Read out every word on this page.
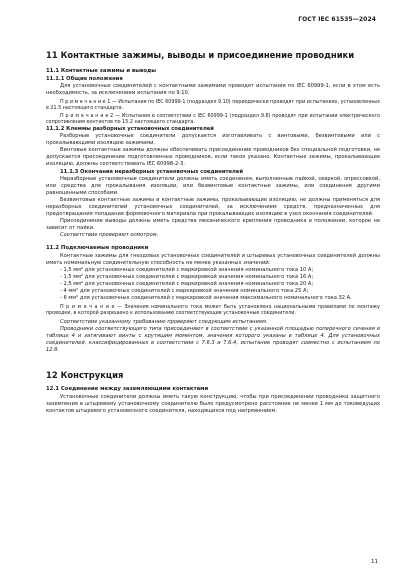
ГОСТ IEC 61535—2024
11 Контактные зажимы, выводы и присоединение проводники
11.1 Контактные зажимы и выводы
11.1.1 Общие положения

Для установочных соединителей с контактными зажимами проводят испытания по IEC 60999-1, если в этом есть необходимость, за исключением испытания по 9.10.

П р и м е ч а н и е 1 — Испытания по IEC 60999-1 (подраздел 9.10) периодически проводят при испытаниях, установленных в 21.5 настоящего стандарта.

П р и м е ч а н и е 2 — Испытания в соответствии с IEC 60999-1 (подраздел 9.8) проводят при испытании электрического сопротивления контактов по 15.2 настоящего стандарта.

11.1.2 Клеммы разборных установочных соединителей

Разборные установочные соединители допускается изготавливать с винтовыми, безвинтовыми или с прокалывающими изоляцию зажимами.

Винтовые контактные зажимы должны обеспечивать присоединение проводников без специальной подготовки, не допускается присоединение подготовленных проводников, если такое указано. Контактные зажимы, прокалывающие изоляцию, должны соответствовать IEC 60998-2-3.

11.1.3 Окончания неразборных установочных соединителей

Неразборные установочные соединители должны иметь соединения, выполненные пайкой, сваркой, опрессовкой, или средства для прокалывания изоляции, или безвинтовые контактные зажимы, или соединения другими равноценными способами.

Безвинтовые контактные зажимы и контактные зажимы, прокалывающие изоляцию, не должны применяться для неразборных соединителей установочных соединителей, за исключением средств, предназначенных для предотвращения попадания формовочного материала при прокалывающих изоляцию в узел окончания соединителей.

Присоединение выводы должны иметь средства механического крепления проводника в положении, которое не зависит от пайки.

Соответствие проверяют осмотром.

11.2 Подключаемые проводники

Контактные зажимы для гнездовых установочных соединителей и штыревых установочных соединителей должны иметь номинальную соединительную способность не менее указанных значений:

- 1,5 мм² для установочных соединителей с маркировкой значения номинального тока 10 А;

- 1,5 мм² для установочных соединителей с маркировкой значения номинального тока 16 А;

- 2,5 мм² для установочных соединителей с маркировкой значения номинального тока 20 А;

- 4 мм² для установочных соединителей с маркировкой значения номинального тока 25 А;

- 6 мм² для установочных соединителей с маркировкой значения максимального номинального тока 32 А.

П р и м е ч а н и е — Значения номинального тока может быть установлено национальными правилами по монтажу проводки, в которой разрешено к использованию соответствующие установочные соединители.

Соответствие указанному требованию проверяют следующим испытанием.

Проводники соответствующего типа присоединяют в соответствии с указанной площадью поперечного сечения в таблице 4 и затягивают винты с крутящим моментом, значения которого указаны в таблице 4. Для установочных соединителей, классифицированных в соответствии с 7.6.3 и 7.6.4, испытание проводят совместно с испытанием по 12.8.

12 Конструкция
12.1 Соединение между заземляющими контактами

Установочные соединители должны иметь такую конструкцию, чтобы при присоединении проводника защитного заземления в штыревому установочному соединителю было предусмотрено расстояние не менее 1 мм до токоведущих контактов штыревого установочного соединителя, находящихся под напряжением.

11
